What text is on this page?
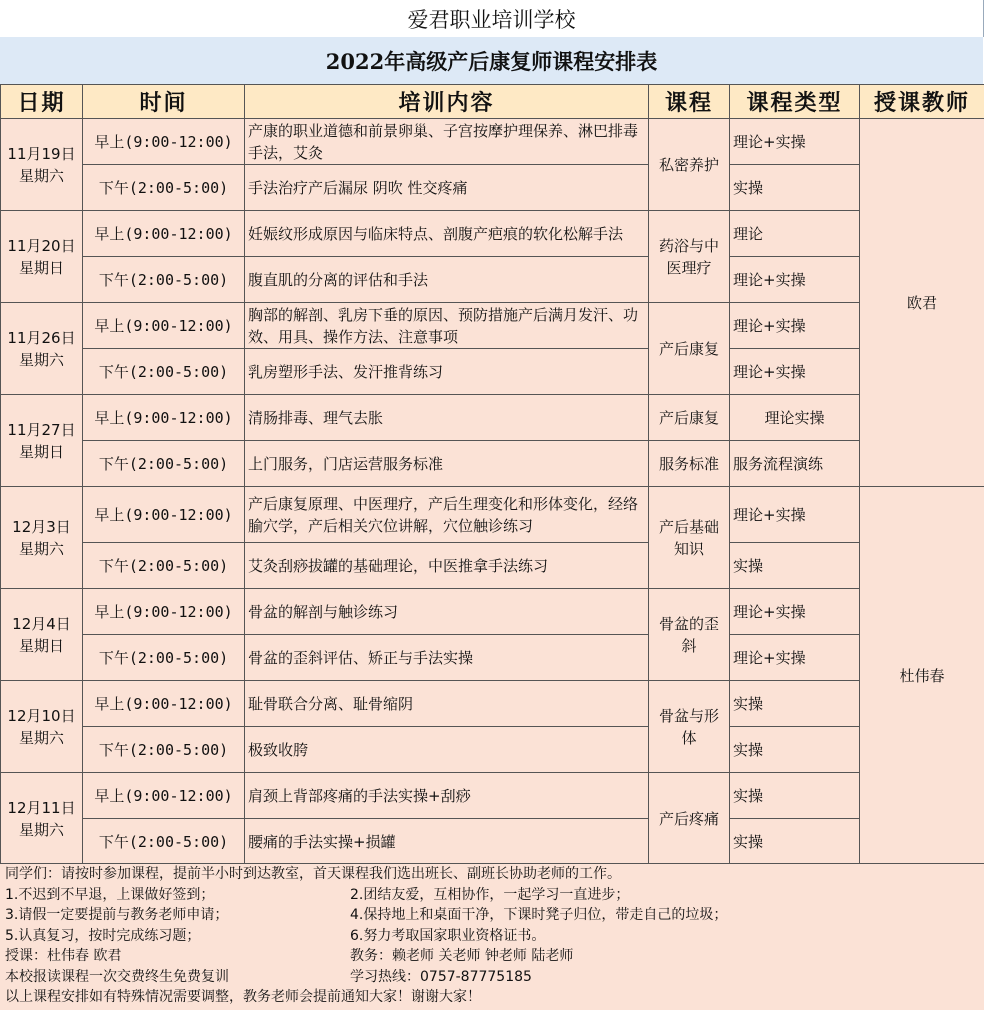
爱君职业培训学校
2022年高级产后康复师课程安排表
日期	时间	培训内容	课程	课程类型	授课教师
11月19日
星期六	早上(9:00-12:00)	产康的职业道德和前景卵巢、子宫按摩护理保养、淋巴排毒手法，艾灸	私密养护	理论+实操	欧君
	下午(2:00-5:00)	手法治疗产后漏尿 阴吹 性交疼痛		实操	
11月20日
星期日	早上(9:00-12:00)	妊娠纹形成原因与临床特点、剖腹产疤痕的软化松解手法	药浴与中医理疗	理论	
	下午(2:00-5:00)	腹直肌的分离的评估和手法		理论+实操	
11月26日
星期六	早上(9:00-12:00)	胸部的解剖、乳房下垂的原因、预防措施产后满月发汗、功效、用具、操作方法、注意事项	产后康复	理论+实操	
	下午(2:00-5:00)	乳房塑形手法、发汗推背练习		理论+实操	
11月27日
星期日	早上(9:00-12:00)	清肠排毒、理气去胀	产后康复	理论实操	
	下午(2:00-5:00)	上门服务，门店运营服务标准	服务标准	服务流程演练	
12月3日
星期六	早上(9:00-12:00)	产后康复原理、中医理疗，产后生理变化和形体变化，经络腧穴学，产后相关穴位讲解，穴位触诊练习	产后基础知识	理论+实操	杜伟春
	下午(2:00-5:00)	艾灸刮痧拔罐的基础理论，中医推拿手法练习		实操	
12月4日
星期日	早上(9:00-12:00)	骨盆的解剖与触诊练习	骨盆的歪斜	理论+实操	
	下午(2:00-5:00)	骨盆的歪斜评估、矫正与手法实操		理论+实操	
12月10日
星期六	早上(9:00-12:00)	耻骨联合分离、耻骨缩阴	骨盆与形体	实操	
	下午(2:00-5:00)	极致收胯		实操	
12月11日
星期六	早上(9:00-12:00)	肩颈上背部疼痛的手法实操+刮痧	产后疼痛	实操	
	下午(2:00-5:00)	腰痛的手法实操+损罐		实操	
同学们：请按时参加课程，提前半小时到达教室，首天课程我们选出班长、副班长协助老师的工作。
1.不迟到不早退，上课做好签到；	2.团结友爱，互相协作，一起学习一直进步；
3.请假一定要提前与教务老师申请；	4.保持地上和桌面干净，下课时凳子归位，带走自己的垃圾；
5.认真复习，按时完成练习题；	6.努力考取国家职业资格证书。
授课：杜伟春 欧君	教务：赖老师 关老师 钟老师 陆老师
本校报读课程一次交费终生免费复训	学习热线：0757-87775185
以上课程安排如有特殊情况需要调整，教务老师会提前通知大家！谢谢大家！
